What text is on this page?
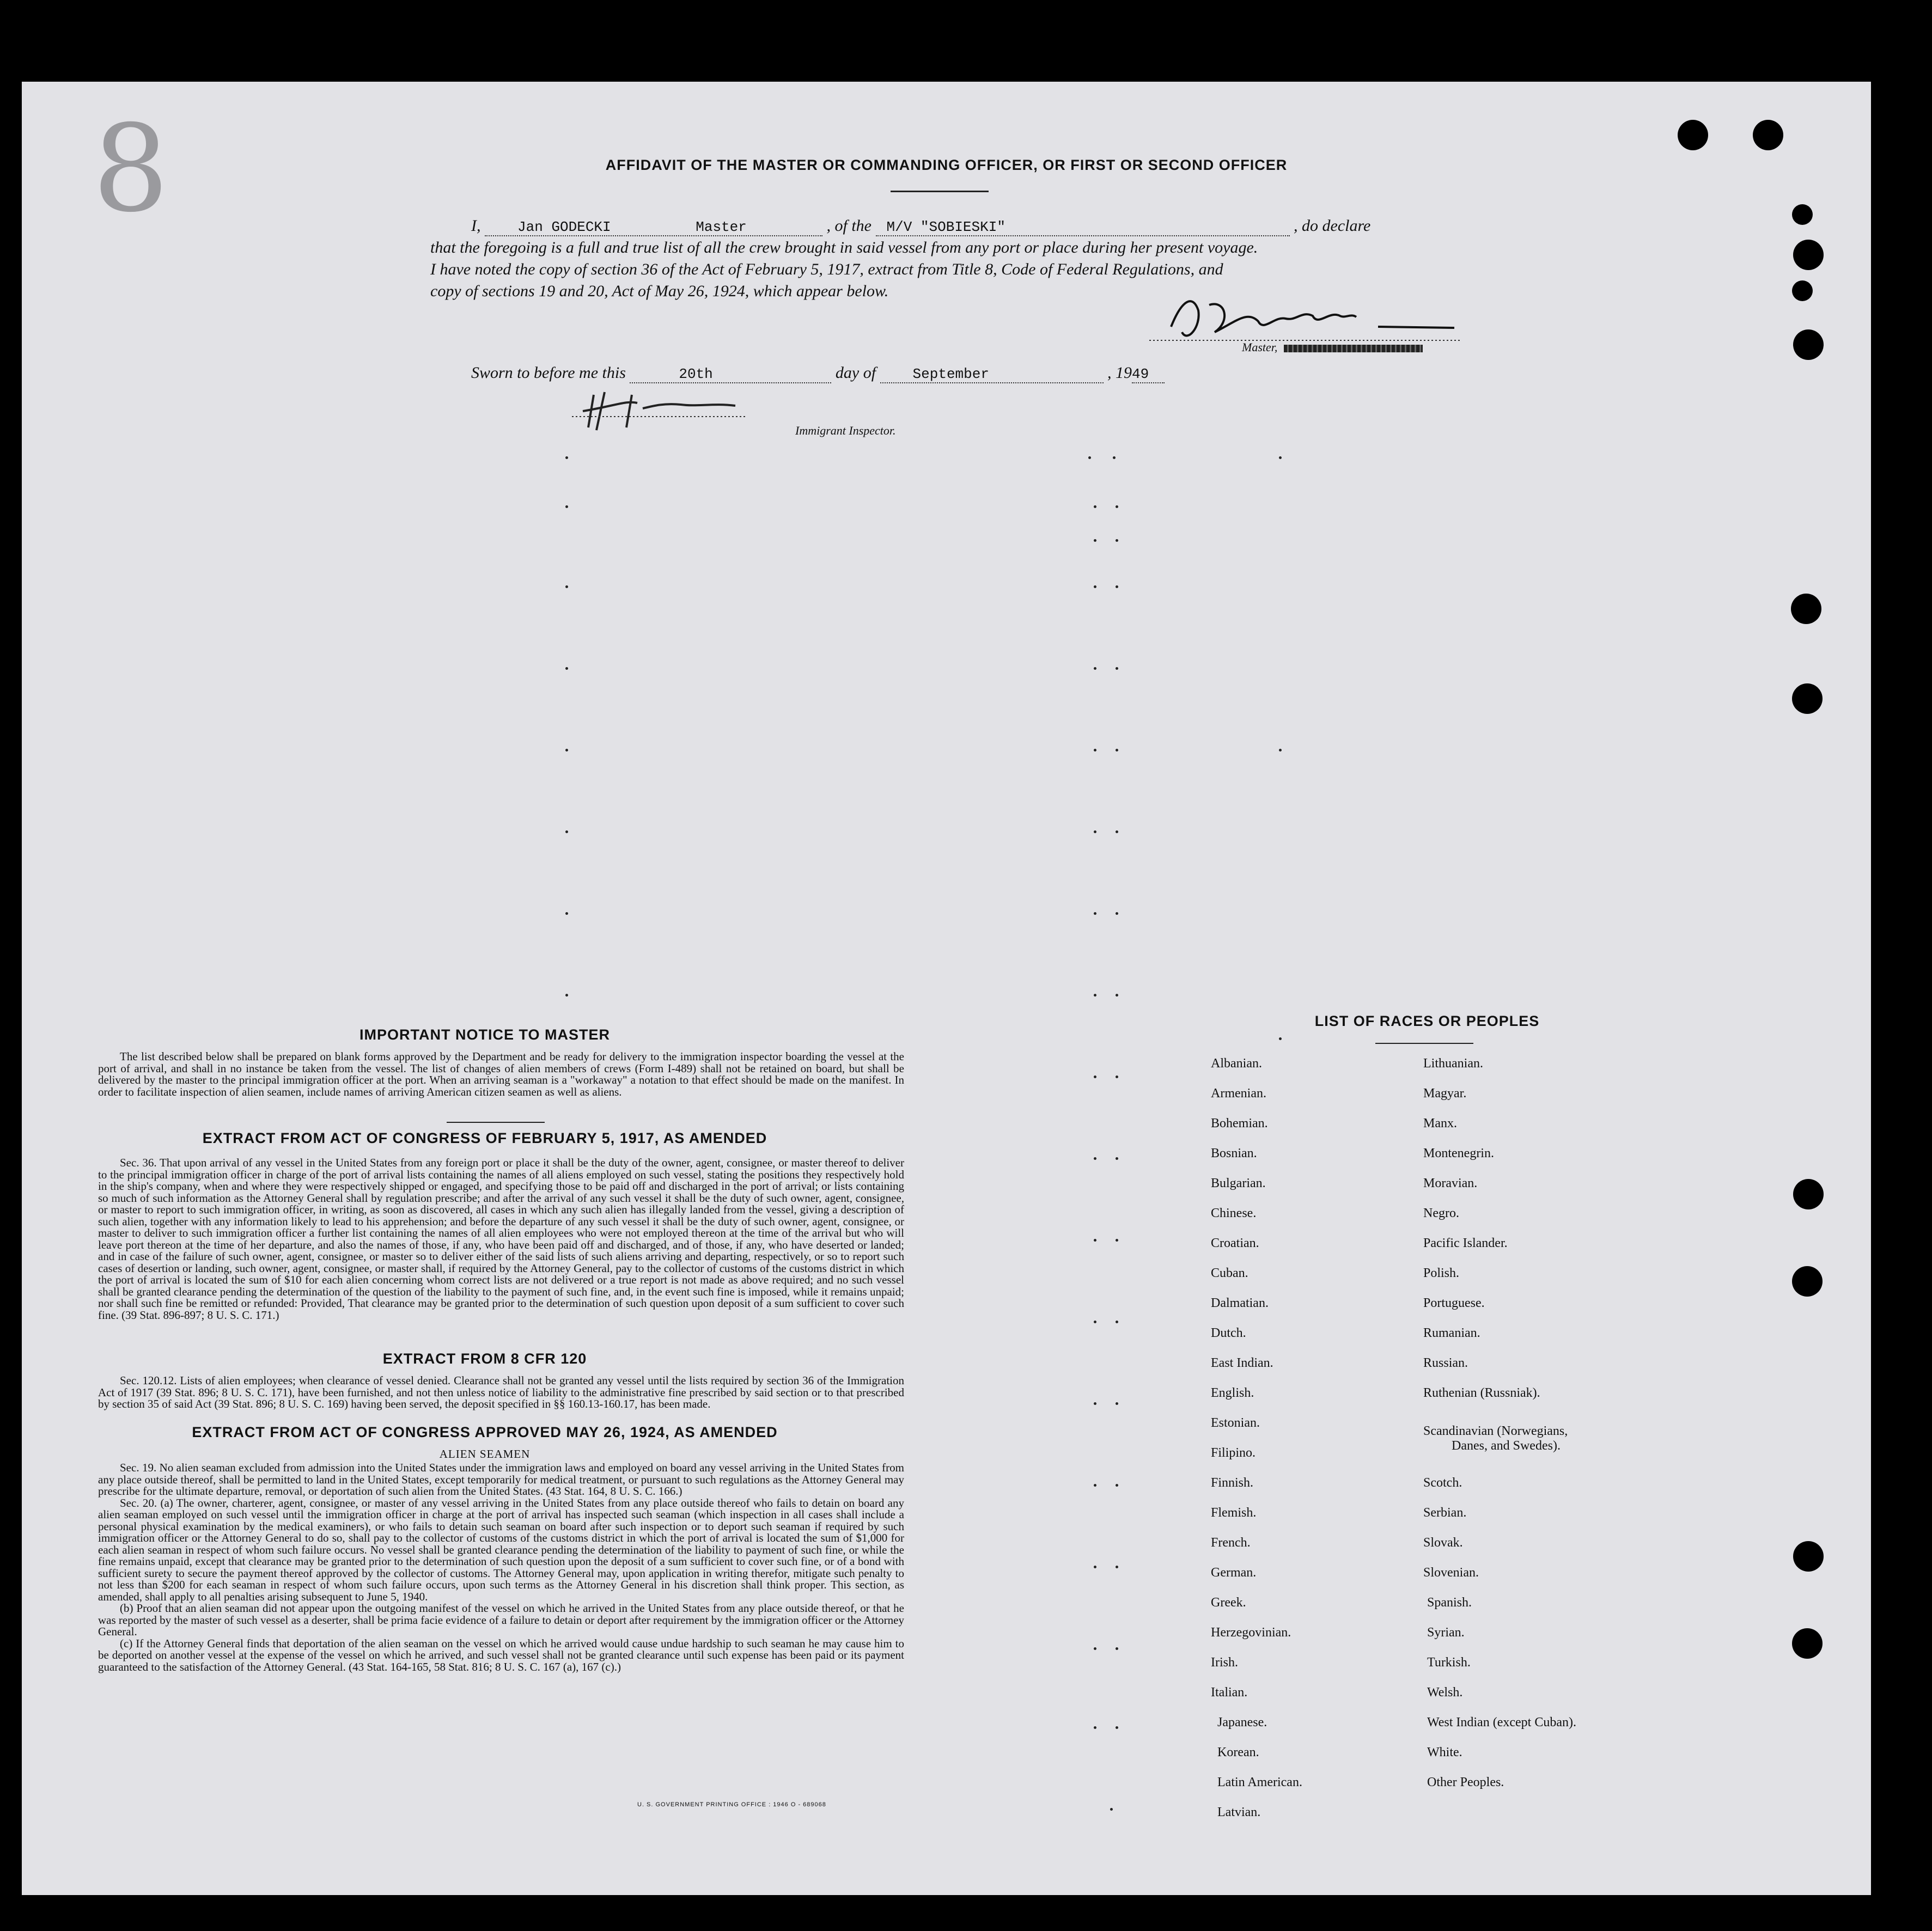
8	AFFIDAVIT OF THE MASTER OR COMMANDING OFFICER, OR FIRST OR SECOND OFFICER
I,	Jan GODECKI	Master	, of the M/V "SOBIESKI"	, do declare
that the foregoing is a full and true list of all the crew brought in said vessel from any port or place during her present voyage.
I have noted the copy of section 36 of the Act of February 5, 1917, extract from Title 8, Code of Federal Regulations, and
copy of sections 19 and 20, Act of May 26, 1924, which appear below.
Master,
Sworn to before me this	20th	day of	September	, 1949
Immigrant Inspector.
IMPORTANT NOTICE TO MASTER

The list described below shall be prepared on blank forms approved by the Department and be ready for delivery to the immigration inspector boarding the vessel at the port of arrival, and shall in no instance be taken from the vessel. The list of changes of alien members of crews (Form I-489) shall not be retained on board, but shall be delivered by the master to the principal immigration officer at the port. When an arriving seaman is a "workaway" a notation to that effect should be made on the manifest. In order to facilitate inspection of alien seamen, include names of arriving American citizen seamen as well as aliens.

EXTRACT FROM ACT OF CONGRESS OF FEBRUARY 5, 1917, AS AMENDED

Sec. 36. That upon arrival of any vessel in the United States from any foreign port or place it shall be the duty of the owner, agent, consignee, or master thereof to deliver to the principal immigration officer in charge of the port of arrival lists containing the names of all aliens employed on such vessel, stating the positions they respectively hold in the ship's company, when and where they were respectively shipped or engaged, and specifying those to be paid off and discharged in the port of arrival; or lists containing so much of such information as the Attorney General shall by regulation prescribe; and after the arrival of any such vessel it shall be the duty of such owner, agent, consignee, or master to report to such immigration officer, in writing, as soon as discovered, all cases in which any such alien has illegally landed from the vessel, giving a description of such alien, together with any information likely to lead to his apprehension; and before the departure of any such vessel it shall be the duty of such owner, agent, consignee, or master to deliver to such immigration officer a further list containing the names of all alien employees who were not employed thereon at the time of the arrival but who will leave port thereon at the time of her departure, and also the names of those, if any, who have been paid off and discharged, and of those, if any, who have deserted or landed; and in case of the failure of such owner, agent, consignee, or master so to deliver either of the said lists of such aliens arriving and departing, respectively, or so to report such cases of desertion or landing, such owner, agent, consignee, or master shall, if required by the Attorney General, pay to the collector of customs of the customs district in which the port of arrival is located the sum of $10 for each alien concerning whom correct lists are not delivered or a true report is not made as above required; and no such vessel shall be granted clearance pending the determination of the question of the liability to the payment of such fine, and, in the event such fine is imposed, while it remains unpaid; nor shall such fine be remitted or refunded: Provided, That clearance may be granted prior to the determination of such question upon deposit of a sum sufficient to cover such fine. (39 Stat. 896-897; 8 U. S. C. 171.)

EXTRACT FROM 8 CFR 120

Sec. 120.12. Lists of alien employees; when clearance of vessel denied. Clearance shall not be granted any vessel until the lists required by section 36 of the Immigration Act of 1917 (39 Stat. 896; 8 U. S. C. 171), have been furnished, and not then unless notice of liability to the administrative fine prescribed by said section or to that prescribed by section 35 of said Act (39 Stat. 896; 8 U. S. C. 169) having been served, the deposit specified in §§ 160.13-160.17, has been made.

EXTRACT FROM ACT OF CONGRESS APPROVED MAY 26, 1924, AS AMENDED
ALIEN SEAMEN

Sec. 19. No alien seaman excluded from admission into the United States under the immigration laws and employed on board any vessel arriving in the United States from any place outside thereof, shall be permitted to land in the United States, except temporarily for medical treatment, or pursuant to such regulations as the Attorney General may prescribe for the ultimate departure, removal, or deportation of such alien from the United States. (43 Stat. 164, 8 U. S. C. 166.)

Sec. 20. (a) The owner, charterer, agent, consignee, or master of any vessel arriving in the United States from any place outside thereof who fails to detain on board any alien seaman employed on such vessel until the immigration officer in charge at the port of arrival has inspected such seaman (which inspection in all cases shall include a personal physical examination by the medical examiners), or who fails to detain such seaman on board after such inspection or to deport such seaman if required by such immigration officer or the Attorney General to do so, shall pay to the collector of customs of the customs district in which the port of arrival is located the sum of $1,000 for each alien seaman in respect of whom such failure occurs. No vessel shall be granted clearance pending the determination of the liability to payment of such fine, or while the fine remains unpaid, except that clearance may be granted prior to the determination of such question upon the deposit of a sum sufficient to cover such fine, or of a bond with sufficient surety to secure the payment thereof approved by the collector of customs. The Attorney General may, upon application in writing therefor, mitigate such penalty to not less than $200 for each seaman in respect of whom such failure occurs, upon such terms as the Attorney General in his discretion shall think proper. This section, as amended, shall apply to all penalties arising subsequent to June 5, 1940.

(b) Proof that an alien seaman did not appear upon the outgoing manifest of the vessel on which he arrived in the United States from any place outside thereof, or that he was reported by the master of such vessel as a deserter, shall be prima facie evidence of a failure to detain or deport after requirement by the immigration officer or the Attorney General.

(c) If the Attorney General finds that deportation of the alien seaman on the vessel on which he arrived would cause undue hardship to such seaman he may cause him to be deported on another vessel at the expense of the vessel on which he arrived, and such vessel shall not be granted clearance until such expense has been paid or its payment guaranteed to the satisfaction of the Attorney General. (43 Stat. 164-165, 58 Stat. 816; 8 U. S. C. 167 (a), 167 (c).)

U. S. GOVERNMENT PRINTING OFFICE : 1946 O - 689068
LIST OF RACES OR PEOPLES
Albanian.
Armenian.
Bohemian.
Bosnian.
Bulgarian.
Chinese.
Croatian.
Cuban.
Dalmatian.
Dutch.
East Indian.
English.
Estonian.
Filipino.
Finnish.
Flemish.
French.
German.
Greek.
Herzegovinian.
Irish.
Italian.
Japanese.
Korean.
Latin American.
Latvian.
Lithuanian.
Magyar.
Manx.
Montenegrin.
Moravian.
Negro.
Pacific Islander.
Polish.
Portuguese.
Rumanian.
Russian.
Ruthenian (Russniak).
Scandinavian (Norwegians,
Danes, and Swedes).
Scotch.
Serbian.
Slovak.
Slovenian.
Spanish.
Syrian.
Turkish.
Welsh.
West Indian (except Cuban).
White.
Other Peoples.
